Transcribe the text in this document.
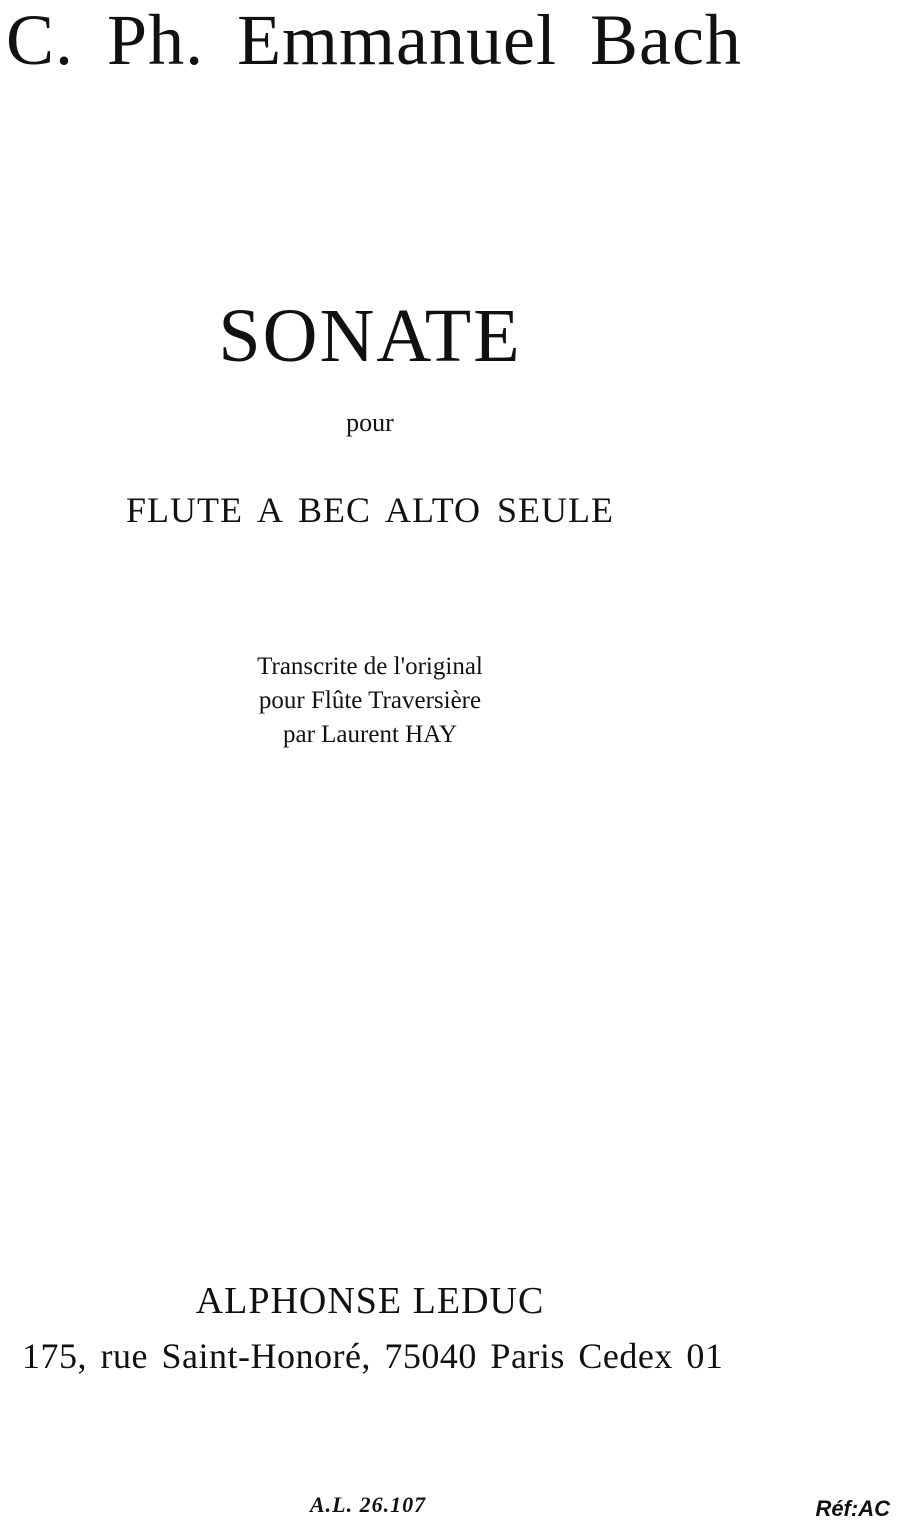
C. Ph. Emmanuel Bach
SONATE
pour
FLUTE A BEC ALTO SEULE
Transcrite de l'original
pour Flûte Traversière
par Laurent HAY
ALPHONSE LEDUC
175, rue Saint-Honoré, 75040 Paris Cedex 01
A.L. 26.107	Réf:AC
